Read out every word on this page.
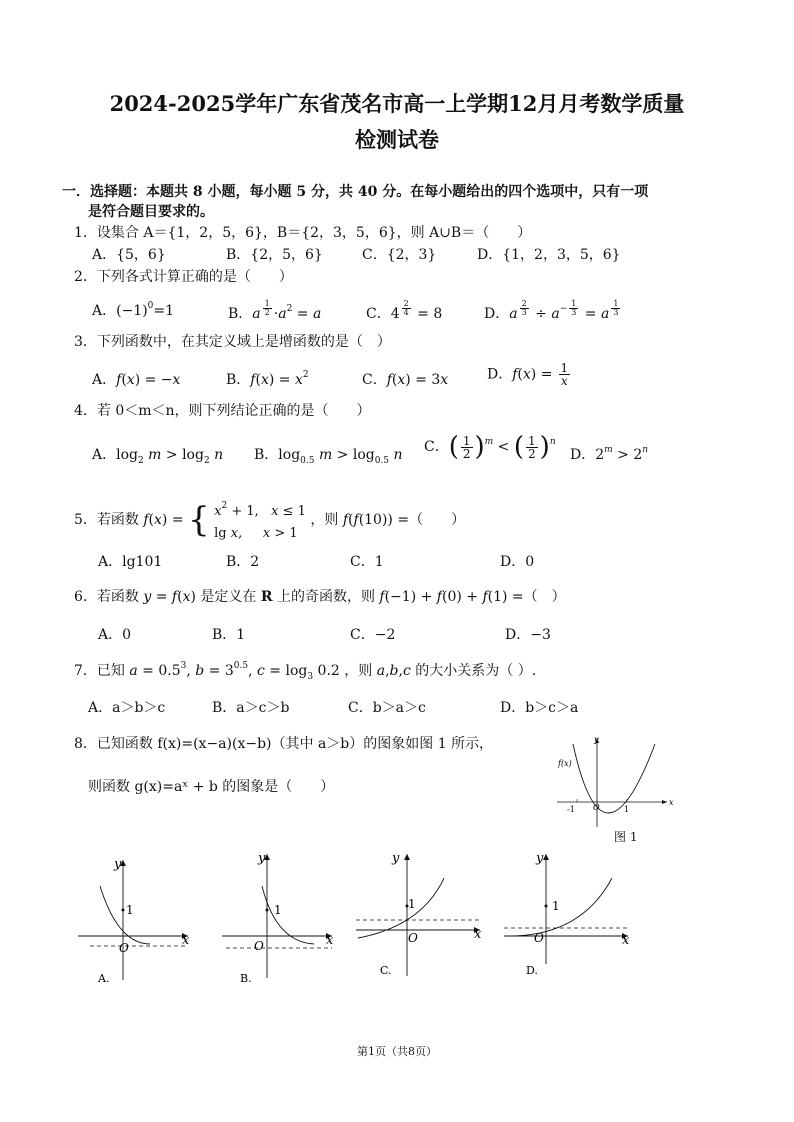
2024-2025学年广东省茂名市高一上学期12月月考数学质量
检测试卷
一．选择题：本题共 8 小题，每小题 5 分，共 40 分。在每小题给出的四个选项中，只有一项
是符合题目要求的。
1．设集合 A＝{1，2，5，6}，B＝{2，3，5，6}，则 A∪B＝（　　）
A．{5，6}	B．{2，5，6}	C．{2，3}	D．{1，2，3，5，6}
2．下列各式计算正确的是（　　）
A．$(-1)^0=1$	B．a $^{\frac{1}{2}} \cdot a^2 = a$	C．4 $^{\frac{2}{4}}$ = 8	D．a $^{\frac{2}{3}} \div a^{- \frac{1}{3}} = a$ $^{\frac{1}{3}}$
3．下列函数中，在其定义域上是增函数的是（　）
A．f(x) = −x	B．$f(x) = x^2$	C．f(x) = 3x	D．$f(x) = \frac{1}{x}$
4．若 0＜m＜n，则下列结论正确的是（　　）
A．$\log_2 m > \log_2 n$ B．$\log_{0.5} m > \log_{0.5} n$ C．( $\frac{1}{2} )^m$ < ( $\frac{1}{2} )^n$
D．$2^m > 2^n$
5．若函数 f(x) = { $x^2 + 1$,   x ≤ 1
lg x,     x > 1 ，则 f(f(10)) =（　　）
A．lg101	B．2	C．1	D．0
6．若函数 y = f(x) 是定义在 R 上的奇函数，则 f(−1) + f(0) + f(1) =（　）
A．0	B．1	C．−2	D．−3
7．已知 $a = 0.5^3$, $b = 3^{0.5}$, $c = \log_3 0.2$ ，则 a,b,c 的大小关系为（ ）.
A．a＞b＞c	B．a＞c＞b	C．b＞a＞c	D．b＞c＞a
8．已知函数 f(x)=(x−a)(x−b)（其中 a＞b）的图象如图 1 所示，
则函数 g(x)=aˣ + b 的图象是（　　）
y
x
f(x)
-1 O	1
图 1
y
x
O
1
A.
y
x
O
1
B.
y
x
O
1
C.
y
x
O
1
D.
第1页（共8页）
